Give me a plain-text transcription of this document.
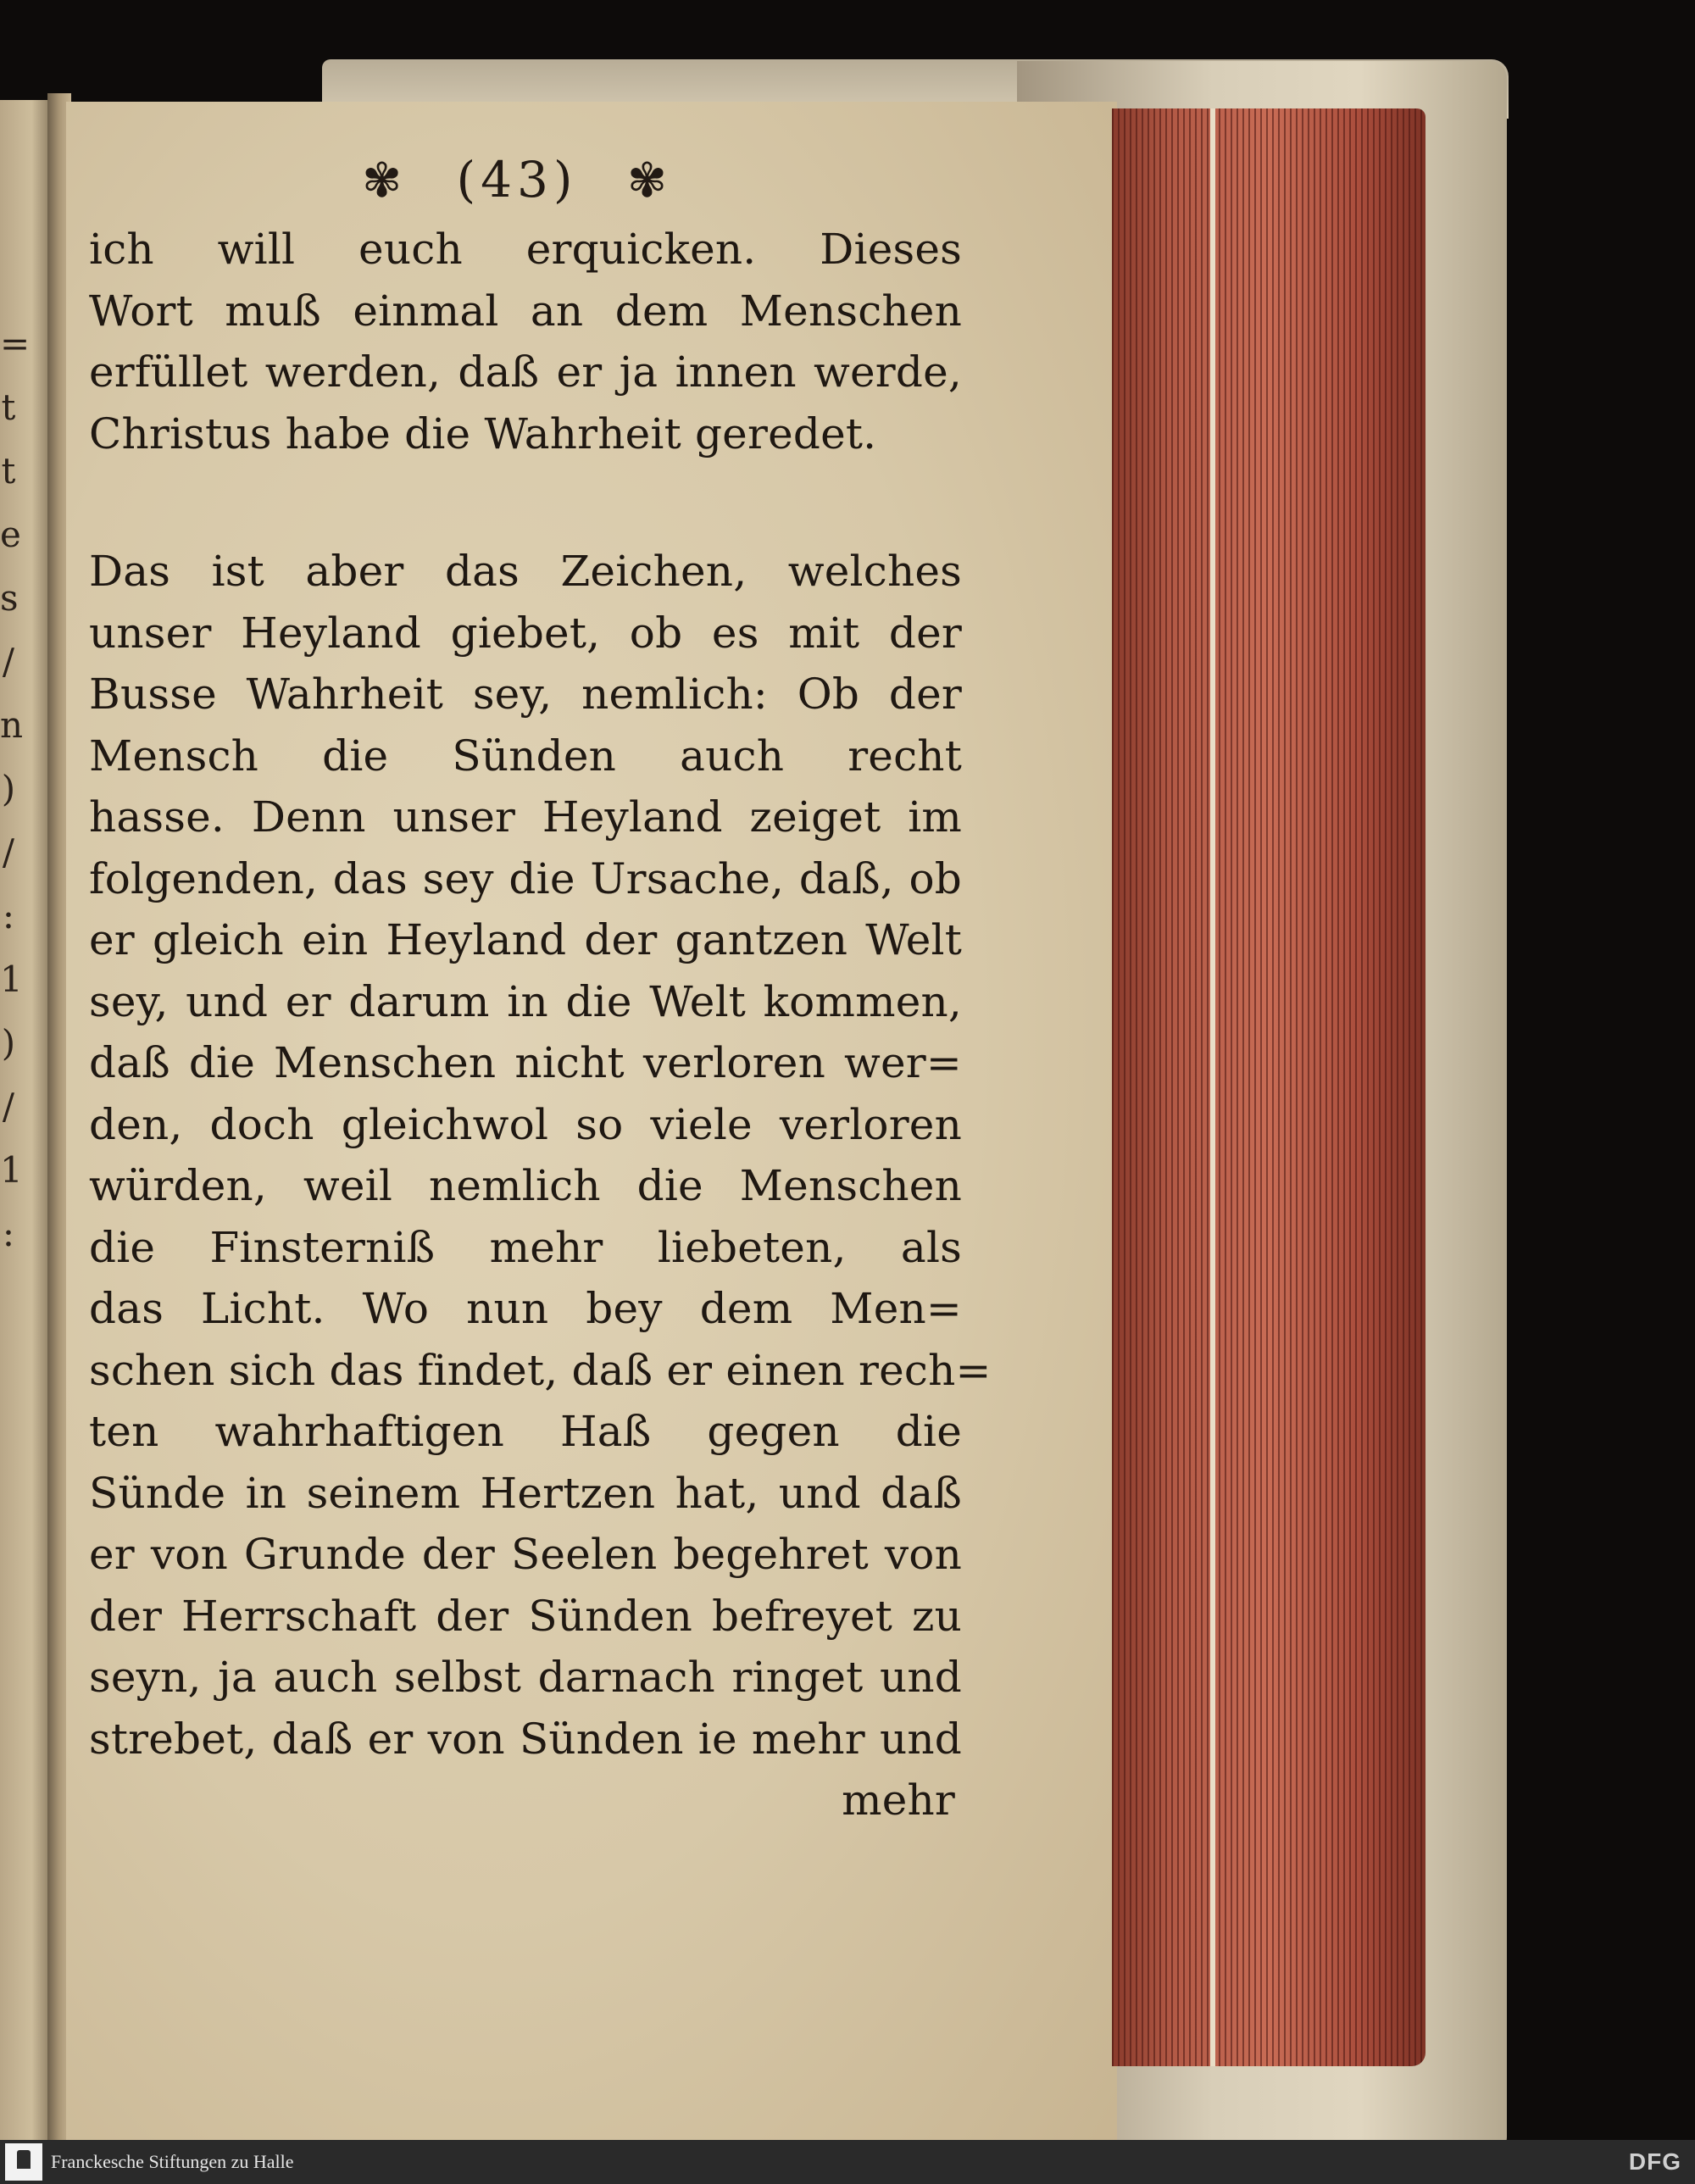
=
t
t
e
s
/
n
)
/
:
1
)
/
1
:
✾ (43) ✾
ich will euch erquicken. Dieses
Wort muß einmal an dem Menschen
erfüllet werden, daß er ja innen werde,
Christus habe die Wahrheit geredet.
Das ist aber das Zeichen, welches
unser Heyland giebet, ob es mit der
Busse Wahrheit sey, nemlich: Ob der
Mensch die Sünden auch recht
hasse. Denn unser Heyland zeiget im
folgenden, das sey die Ursache, daß, ob
er gleich ein Heyland der gantzen Welt
sey, und er darum in die Welt kommen,
daß die Menschen nicht verloren wer=
den, doch gleichwol so viele verloren
würden, weil nemlich die Menschen
die Finsterniß mehr liebeten, als
das Licht. Wo nun bey dem Men=
schen sich das findet, daß er einen rech=
ten wahrhaftigen Haß gegen die
Sünde in seinem Hertzen hat, und daß
er von Grunde der Seelen begehret von
der Herrschaft der Sünden befreyet zu
seyn, ja auch selbst darnach ringet und
strebet, daß er von Sünden ie mehr und
mehr
Franckesche Stiftungen zu Halle	DFG
